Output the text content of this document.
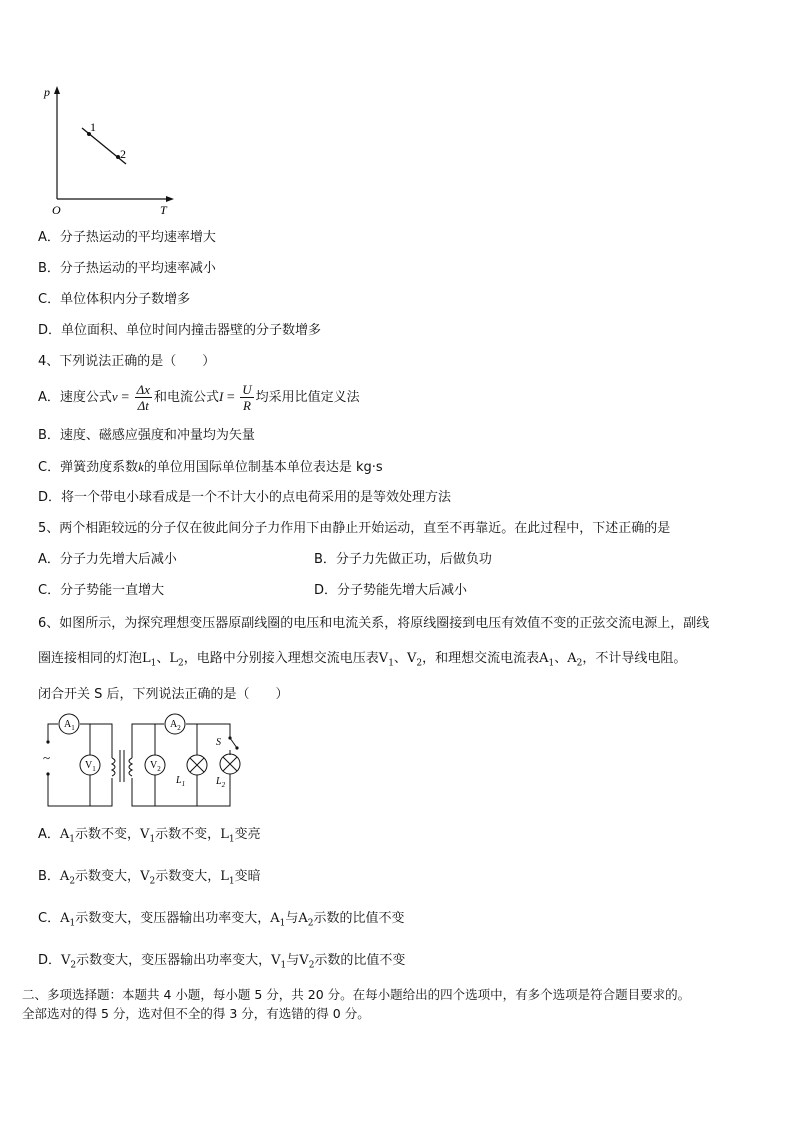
p
T
O
1
2
A．分子热运动的平均速率增大
B．分子热运动的平均速率减小
C．单位体积内分子数增多
D．单位面积、单位时间内撞击器壁的分子数增多
4、下列说法正确的是（　　）
A．速度公式$v = \frac{\Delta x}{\Delta t}$ 和电流公式$I = \frac{U}{R}$ 均采用比值定义法
B．速度、磁感应强度和冲量均为矢量
C．弹簧劲度系数k的单位用国际单位制基本单位表达是 kg·s
D．将一个带电小球看成是一个不计大小的点电荷采用的是等效处理方法
5、两个相距较远的分子仅在彼此间分子力作用下由静止开始运动，直至不再靠近。在此过程中，下述正确的是
A．分子力先增大后减小	B．分子力先做正功，后做负功
C．分子势能一直增大	D．分子势能先增大后减小
6、如图所示，为探究理想变压器原副线圈的电压和电流关系，将原线圈接到电压有效值不变的正弦交流电源上，副线
圈连接相同的灯泡$L_1$、$L_2$，电路中分别接入理想交流电压表$V_1$、$V_2$，和理想交流电流表$A_1$、$A_2$，不计导线电阻。
闭合开关 S 后，下列说法正确的是（　　）
~
$A_1$
$V_1$
$A_2$
$V_2$
S
$L_1$	$L_2$
A．$A_1$示数不变，$V_1$示数不变，$L_1$变亮
B．$A_2$示数变大，$V_2$示数变大，$L_1$变暗
C．$A_1$示数变大，变压器输出功率变大，$A_1$与$A_2$示数的比值不变
D．$V_2$示数变大，变压器输出功率变大，$V_1$与$V_2$示数的比值不变
二、多项选择题：本题共 4 小题，每小题 5 分，共 20 分。在每小题给出的四个选项中，有多个选项是符合题目要求的。
全部选对的得 5 分，选对但不全的得 3 分，有选错的得 0 分。
